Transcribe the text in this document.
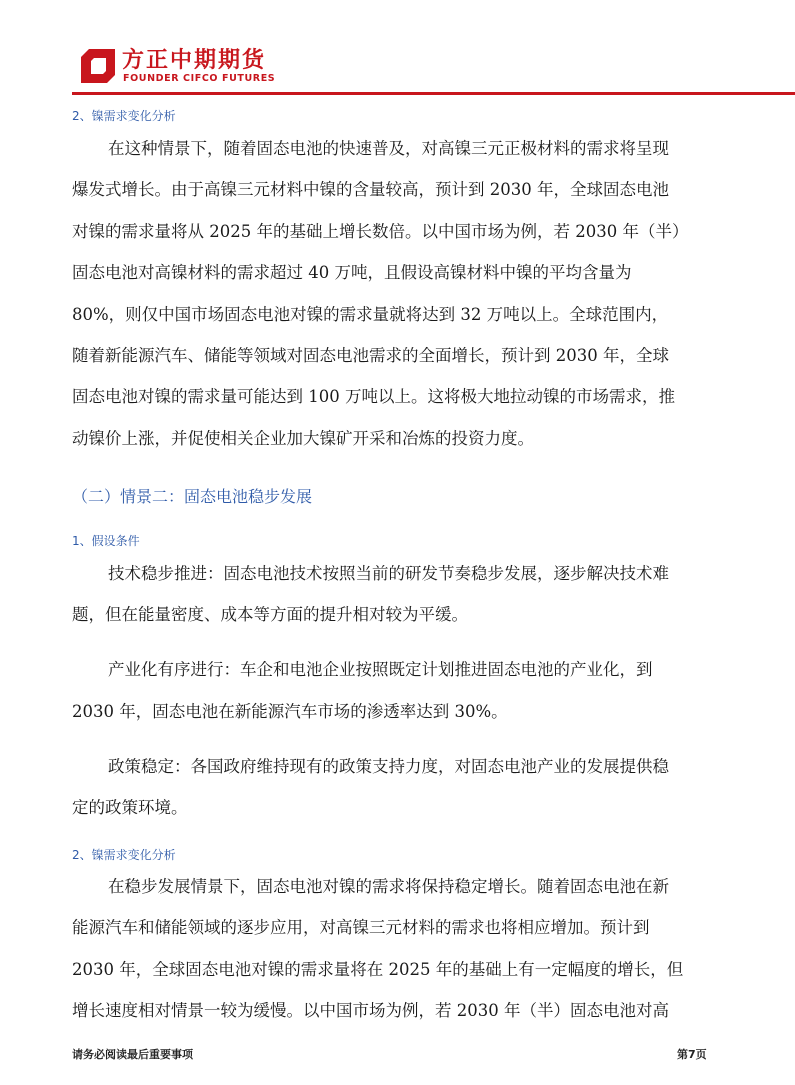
方正中期期货
FOUNDER CIFCO FUTURES
2、镍需求变化分析
在这种情景下，随着固态电池的快速普及，对高镍三元正极材料的需求将呈现
爆发式增长。由于高镍三元材料中镍的含量较高，预计到 2030 年，全球固态电池
对镍的需求量将从 2025 年的基础上增长数倍。以中国市场为例，若 2030 年（半）
固态电池对高镍材料的需求超过 40 万吨，且假设高镍材料中镍的平均含量为
80%，则仅中国市场固态电池对镍的需求量就将达到 32 万吨以上。全球范围内，
随着新能源汽车、储能等领域对固态电池需求的全面增长，预计到 2030 年，全球
固态电池对镍的需求量可能达到 100 万吨以上。这将极大地拉动镍的市场需求，推
动镍价上涨，并促使相关企业加大镍矿开采和冶炼的投资力度。
（二）情景二：固态电池稳步发展
1、假设条件
技术稳步推进：固态电池技术按照当前的研发节奏稳步发展，逐步解决技术难
题，但在能量密度、成本等方面的提升相对较为平缓。
产业化有序进行：车企和电池企业按照既定计划推进固态电池的产业化，到
2030 年，固态电池在新能源汽车市场的渗透率达到 30%。
政策稳定：各国政府维持现有的政策支持力度，对固态电池产业的发展提供稳
定的政策环境。
2、镍需求变化分析
在稳步发展情景下，固态电池对镍的需求将保持稳定增长。随着固态电池在新
能源汽车和储能领域的逐步应用，对高镍三元材料的需求也将相应增加。预计到
2030 年，全球固态电池对镍的需求量将在 2025 年的基础上有一定幅度的增长，但
增长速度相对情景一较为缓慢。以中国市场为例，若 2030 年（半）固态电池对高
请务必阅读最后重要事项	第7页
